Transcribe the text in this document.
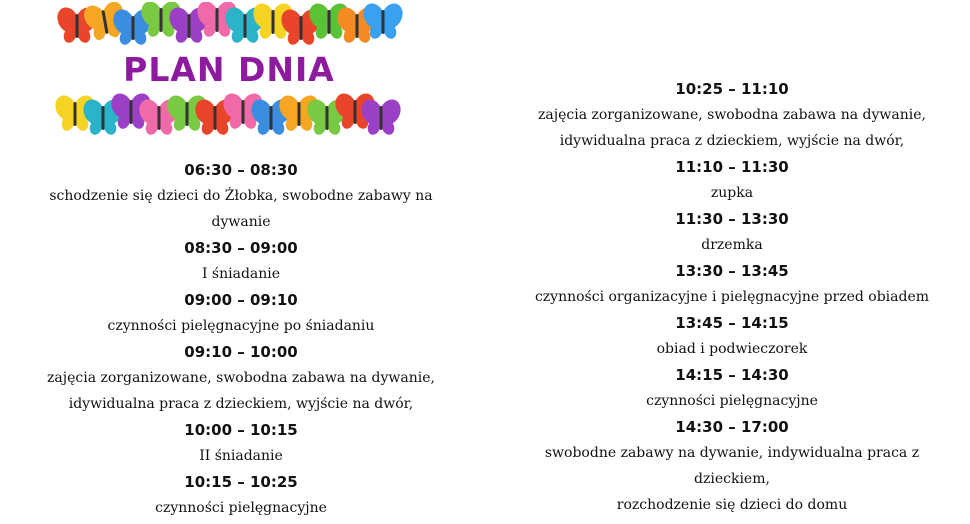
PLAN DNIA
06:30 – 08:30
schodzenie się dzieci do Żłobka, swobodne zabawy na
dywanie
08:30 – 09:00
I śniadanie
09:00 – 09:10
czynności pielęgnacyjne po śniadaniu
09:10 – 10:00
zajęcia zorganizowane, swobodna zabawa na dywanie,
idywidualna praca z dzieckiem, wyjście na dwór,
10:00 – 10:15
II śniadanie
10:15 – 10:25
czynności pielęgnacyjne
10:25 – 11:10
zajęcia zorganizowane, swobodna zabawa na dywanie,
idywidualna praca z dzieckiem, wyjście na dwór,
11:10 – 11:30
zupka
11:30 – 13:30
drzemka
13:30 – 13:45
czynności organizacyjne i pielęgnacyjne przed obiadem
13:45 – 14:15
obiad i podwieczorek
14:15 – 14:30
czynności pielęgnacyjne
14:30 – 17:00
swobodne zabawy na dywanie, indywidualna praca z
dzieckiem,
rozchodzenie się dzieci do domu
